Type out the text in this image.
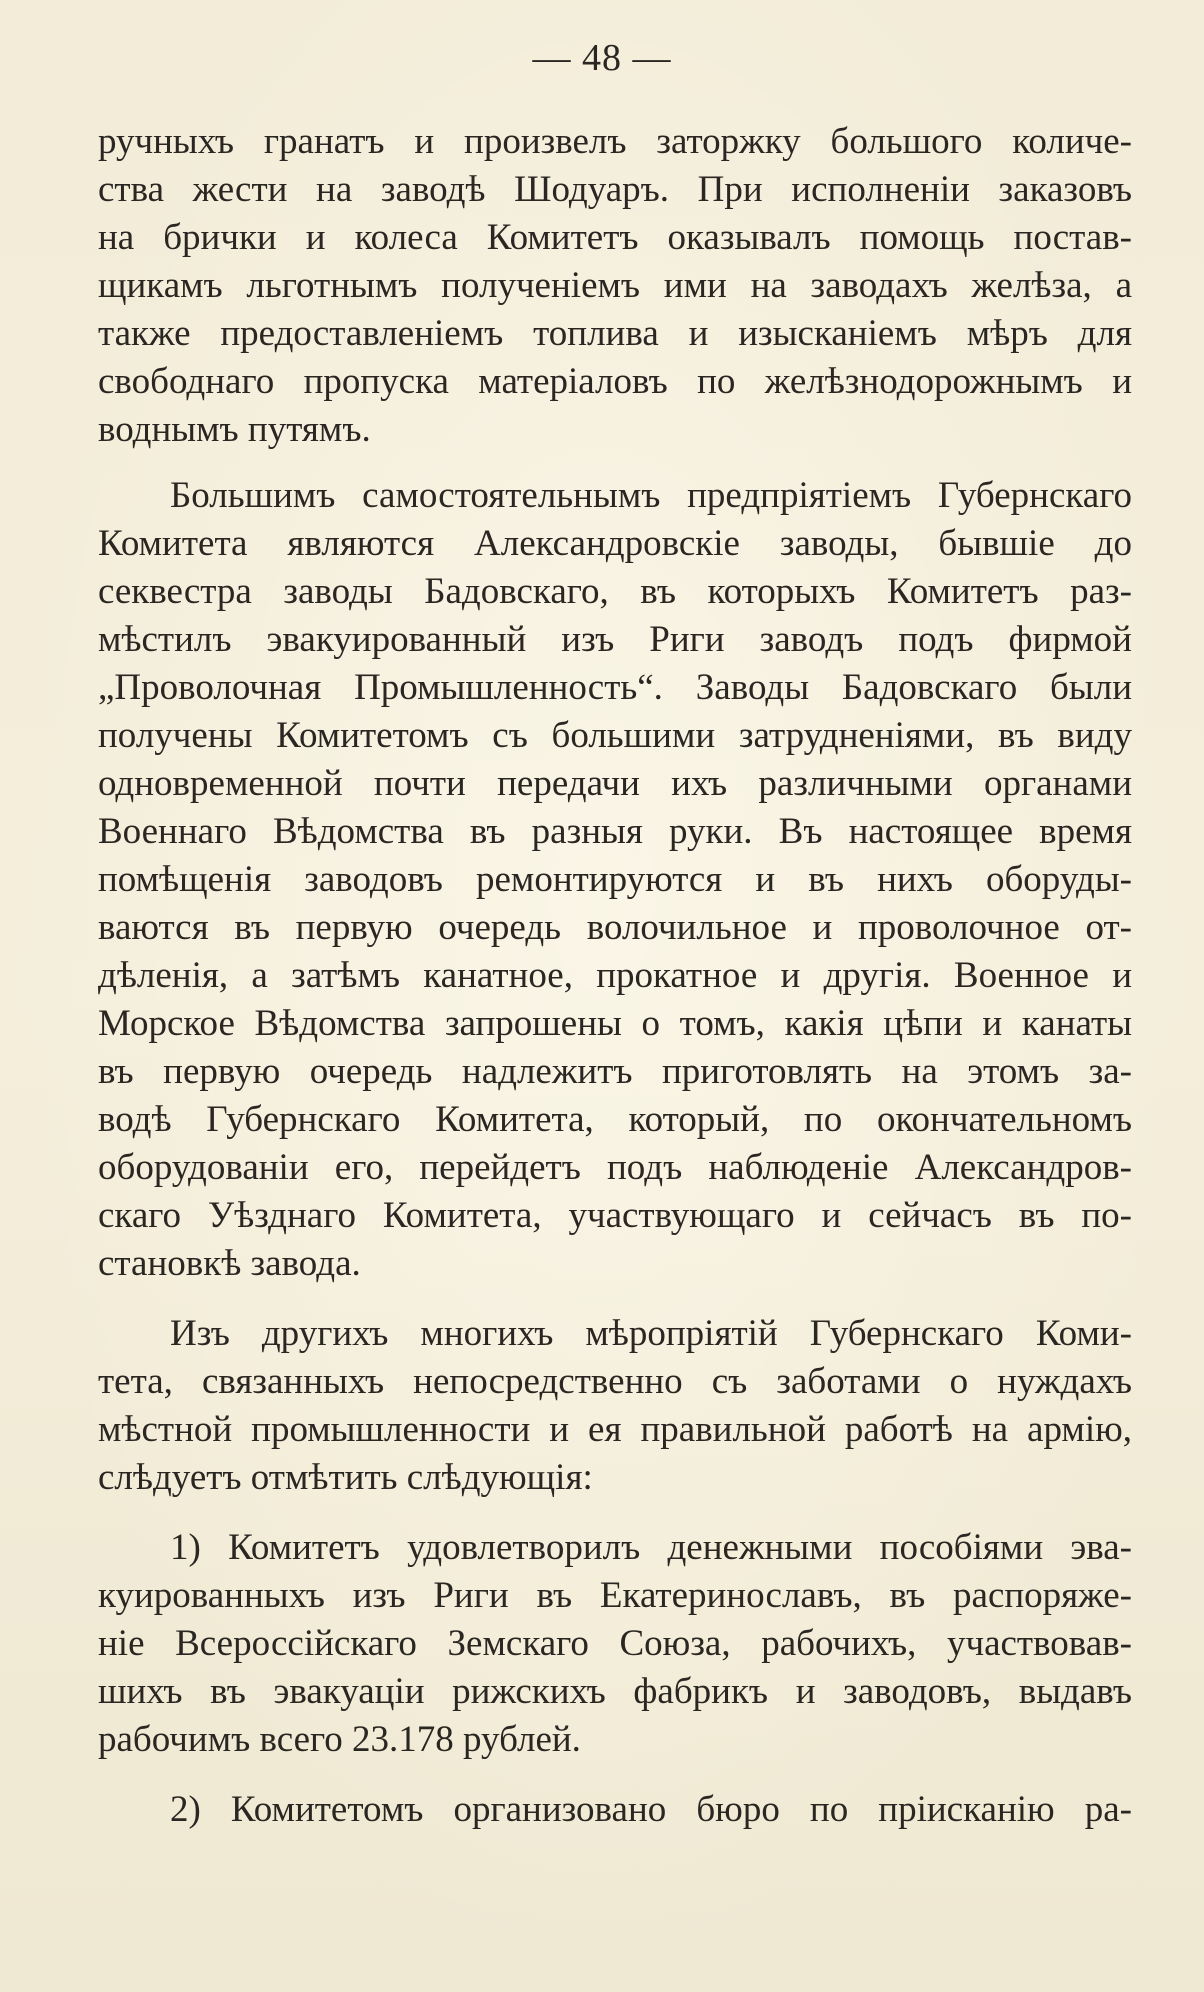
— 48 —
ручныхъ гранатъ и произвелъ заторжку большого количе-
ства жести на заводѣ Шодуаръ. При исполненiи заказовъ
на брички и колеса Комитетъ оказывалъ помощь постав-
щикамъ льготнымъ полученiемъ ими на заводахъ желѣза, а
также предоставленiемъ топлива и изысканiемъ мѣръ для
свободнаго пропуска матерiаловъ по желѣзнодорожнымъ и
воднымъ путямъ.
Большимъ самостоятельнымъ предпрiятiемъ Губернскаго
Комитета являются Александровскiе заводы, бывшiе до
секвестра заводы Бадовскаго, въ которыхъ Комитетъ раз-
мѣстилъ эвакуированный изъ Риги заводъ подъ фирмой
„Проволочная Промышленность“. Заводы Бадовскаго были
получены Комитетомъ съ большими затрудненiями, въ виду
одновременной почти передачи ихъ различными органами
Военнаго Вѣдомства въ разныя руки. Въ настоящее время
помѣщенiя заводовъ ремонтируются и въ нихъ оборуды-
ваются въ первую очередь волочильное и проволочное от-
дѣленiя, а затѣмъ канатное, прокатное и другiя. Военное и
Морское Вѣдомства запрошены о томъ, какiя цѣпи и канаты
въ первую очередь надлежитъ приготовлять на этомъ за-
водѣ Губернскаго Комитета, который, по окончательномъ
оборудованiи его, перейдетъ подъ наблюденiе Александров-
скаго Уѣзднаго Комитета, участвующаго и сейчасъ въ по-
становкѣ завода.
Изъ другихъ многихъ мѣропрiятiй Губернскаго Коми-
тета, связанныхъ непосредственно съ заботами о нуждахъ
мѣстной промышленности и ея правильной работѣ на армiю,
слѣдуетъ отмѣтить слѣдующiя:
1) Комитетъ удовлетворилъ денежными пособiями эва-
куированныхъ изъ Риги въ Екатеринославъ, въ распоряже-
нiе Всероссiйскаго Земскаго Союза, рабочихъ, участвовав-
шихъ въ эвакуацiи рижскихъ фабрикъ и заводовъ, выдавъ
рабочимъ всего 23.178 рублей.
2) Комитетомъ организовано бюро по прiисканiю ра-
